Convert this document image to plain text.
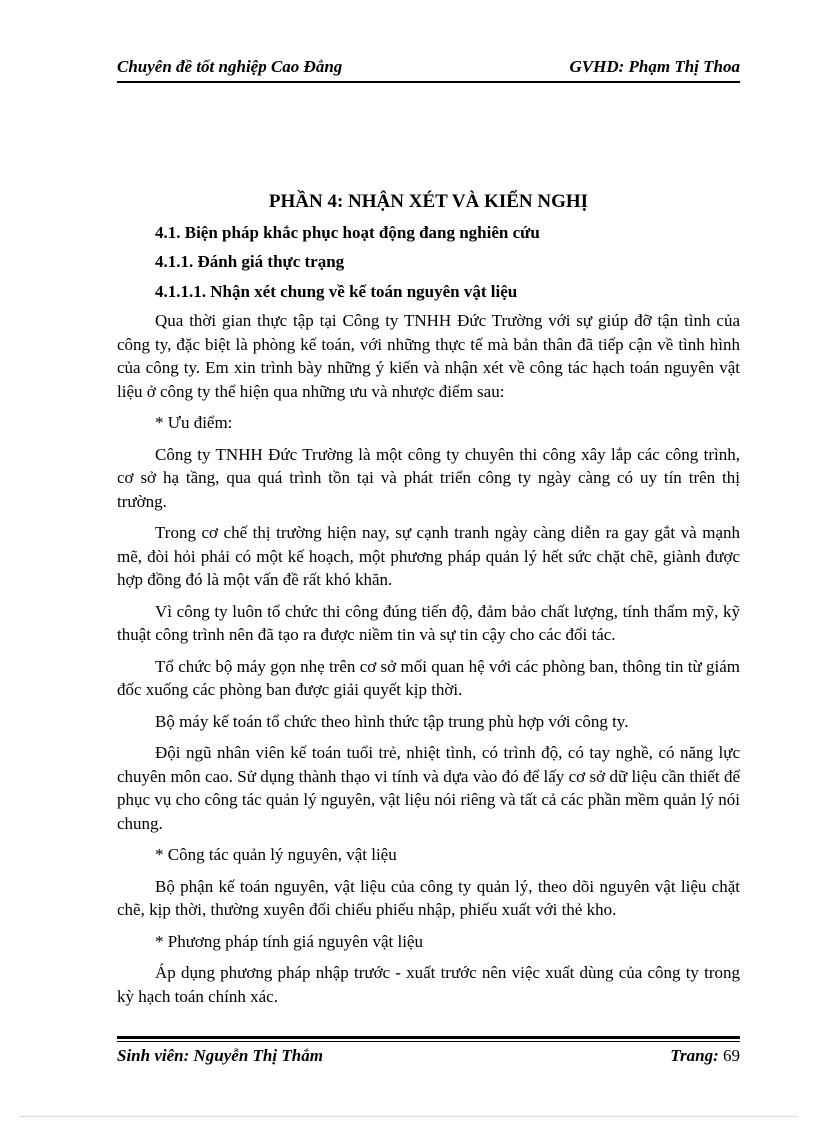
Chuyên đề tốt nghiệp Cao Đẳng	GVHD: Phạm Thị Thoa
PHẦN 4: NHẬN XÉT VÀ KIẾN NGHỊ
4.1. Biện pháp khắc phục hoạt động đang nghiên cứu
4.1.1. Đánh giá thực trạng
4.1.1.1. Nhận xét chung về kế toán nguyên vật liệu
Qua thời gian thực tập tại Công ty TNHH Đức Trường với sự giúp đỡ tận tình của công ty, đặc biệt là phòng kế toán, với những thực tế mà bản thân đã tiếp cận về tình hình của công ty. Em xin trình bày những ý kiến và nhận xét về công tác hạch toán nguyên vật liệu ở công ty thể hiện qua những ưu và nhược điểm sau:
* Ưu điểm:
Công ty TNHH Đức Trường là một công ty chuyên thi công xây lắp các công trình, cơ sở hạ tầng, qua quá trình tồn tại và phát triển công ty ngày càng có uy tín trên thị trường.
Trong cơ chế thị trường hiện nay, sự cạnh tranh ngày càng diễn ra gay gắt và mạnh mẽ, đòi hỏi phải có một kế hoạch, một phương pháp quản lý hết sức chặt chẽ, giành được hợp đồng đó là một vấn đề rất khó khăn.
Vì công ty luôn tổ chức thi công đúng tiến độ, đảm bảo chất lượng, tính thẩm mỹ, kỹ thuật công trình nên đã tạo ra được niềm tin và sự tin cậy cho các đối tác.
Tổ chức bộ máy gọn nhẹ trên cơ sở mối quan hệ với các phòng ban, thông tin từ giám đốc xuống các phòng ban được giải quyết kịp thời.
Bộ máy kế toán tổ chức theo hình thức tập trung phù hợp với công ty.
Đội ngũ nhân viên kế toán tuổi trẻ, nhiệt tình, có trình độ, có tay nghề, có năng lực chuyên môn cao. Sử dụng thành thạo vi tính và dựa vào đó để lấy cơ sở dữ liệu cần thiết để phục vụ cho công tác quản lý nguyên, vật liệu nói riêng và tất cả các phần mềm quản lý nói chung.
* Công tác quản lý nguyên, vật liệu
Bộ phận kế toán nguyên, vật liệu của công ty quản lý, theo dõi nguyên vật liệu chặt chẽ, kịp thời, thường xuyên đối chiếu phiếu nhập, phiếu xuất với thẻ kho.
* Phương pháp tính giá nguyên vật liệu
Áp dụng phương pháp nhập trước - xuất trước nên việc xuất dùng của công ty trong kỳ hạch toán chính xác.
Sinh viên: Nguyễn Thị Thắm	Trang: 69
